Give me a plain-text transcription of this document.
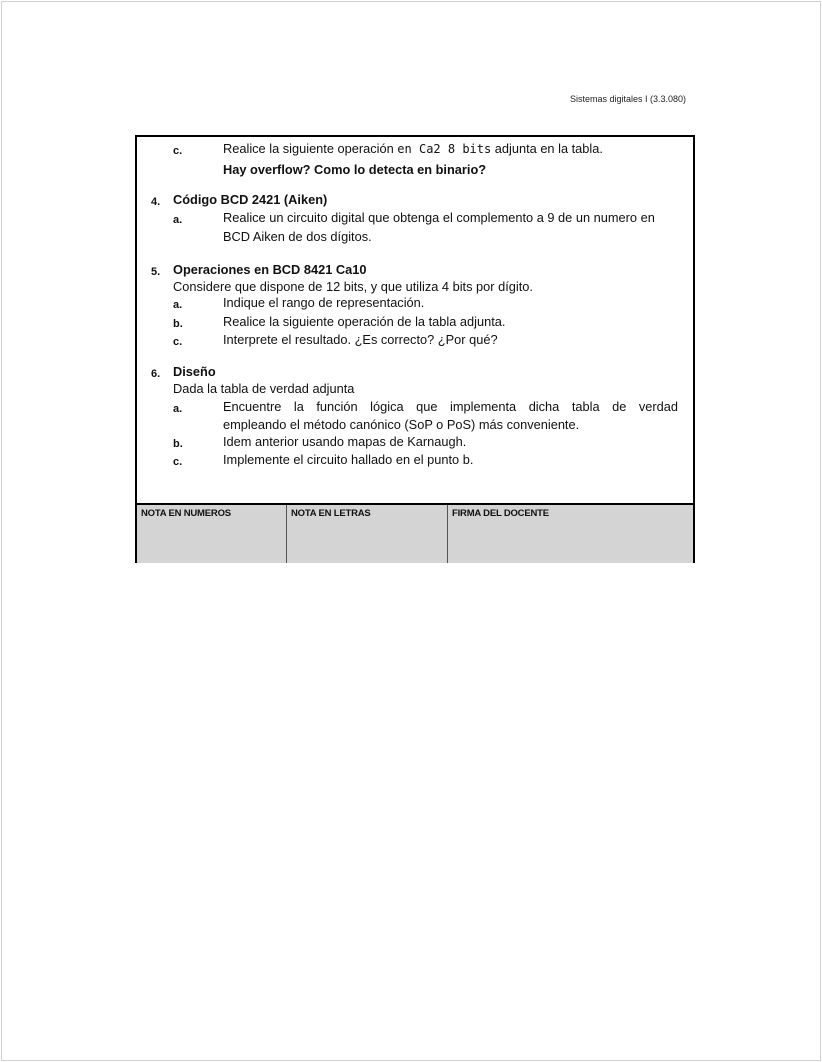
Sistemas digitales I (3.3.080)
c.	Realice la siguiente operación en Ca2 8 bits adjunta en la tabla.
Hay overflow? Como lo detecta en binario?
4. Código BCD 2421 (Aiken)
a.	Realice un circuito digital que obtenga el complemento a 9 de un numero en
BCD Aiken de dos dígitos.
5. Operaciones en BCD 8421 Ca10
Considere que dispone de 12 bits, y que utiliza 4 bits por dígito.
a.	Indique el rango de representación.
b.	Realice la siguiente operación de la tabla adjunta.
c.	Interprete el resultado. ¿Es correcto? ¿Por qué?
6. Diseño
Dada la tabla de verdad adjunta
a.	Encuentre la función lógica que implementa dicha tabla de verdad
empleando el método canónico (SoP o PoS) más conveniente.
b.	Idem anterior usando mapas de Karnaugh.
c.	Implemente el circuito hallado en el punto b.
NOTA EN NUMEROS	NOTA EN LETRAS	FIRMA DEL DOCENTE
